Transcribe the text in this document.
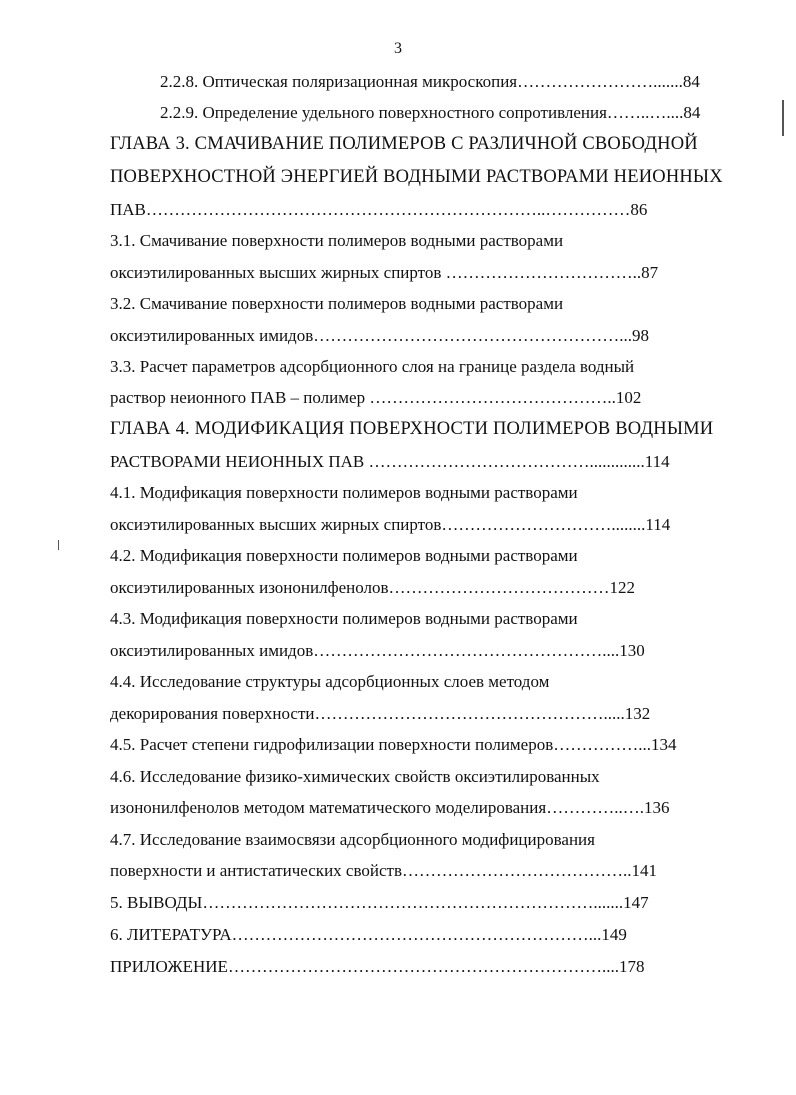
3
2.2.8. Оптическая поляризационная микроскопия…………………….......84
2.2.9. Определение удельного поверхностного сопротивления……..…....84
ГЛАВА 3. СМАЧИВАНИЕ ПОЛИМЕРОВ С РАЗЛИЧНОЙ СВОБОДНОЙ
ПОВЕРХНОСТНОЙ ЭНЕРГИЕЙ ВОДНЫМИ РАСТВОРАМИ НЕИОННЫХ
ПАВ……………………………………………………………..……………86
3.1. Смачивание поверхности полимеров водными растворами
оксиэтилированных высших жирных спиртов ……………………………..87
3.2. Смачивание поверхности полимеров водными растворами
оксиэтилированных имидов………………………………………………...98
3.3. Расчет параметров адсорбционного слоя на границе раздела водный
раствор неионного ПАВ – полимер ……………………………………..102
ГЛАВА 4. МОДИФИКАЦИЯ ПОВЕРХНОСТИ ПОЛИМЕРОВ ВОДНЫМИ
РАСТВОРАМИ НЕИОННЫХ ПАВ ………………………………….............114
4.1. Модификация поверхности полимеров водными растворами
оксиэтилированных высших жирных спиртов…………………………........114
4.2. Модификация поверхности полимеров водными растворами
оксиэтилированных изононилфенолов…………………………………122
4.3. Модификация поверхности полимеров водными растворами
оксиэтилированных имидов……………………………………………....130
4.4. Исследование структуры адсорбционных слоев методом
декорирования поверхности…………………………………………….....132
4.5. Расчет степени гидрофилизации поверхности полимеров……………...134
4.6. Исследование физико-химических свойств оксиэтилированных
изононилфенолов методом математического моделирования…………..….136
4.7. Исследование взаимосвязи адсорбционного модифицирования
поверхности и антистатических свойств…………………………………..141
5. ВЫВОДЫ…………………………………………………………….......147
6. ЛИТЕРАТУРА………………………………………………………...149
ПРИЛОЖЕНИЕ…………………………………………………………....178
